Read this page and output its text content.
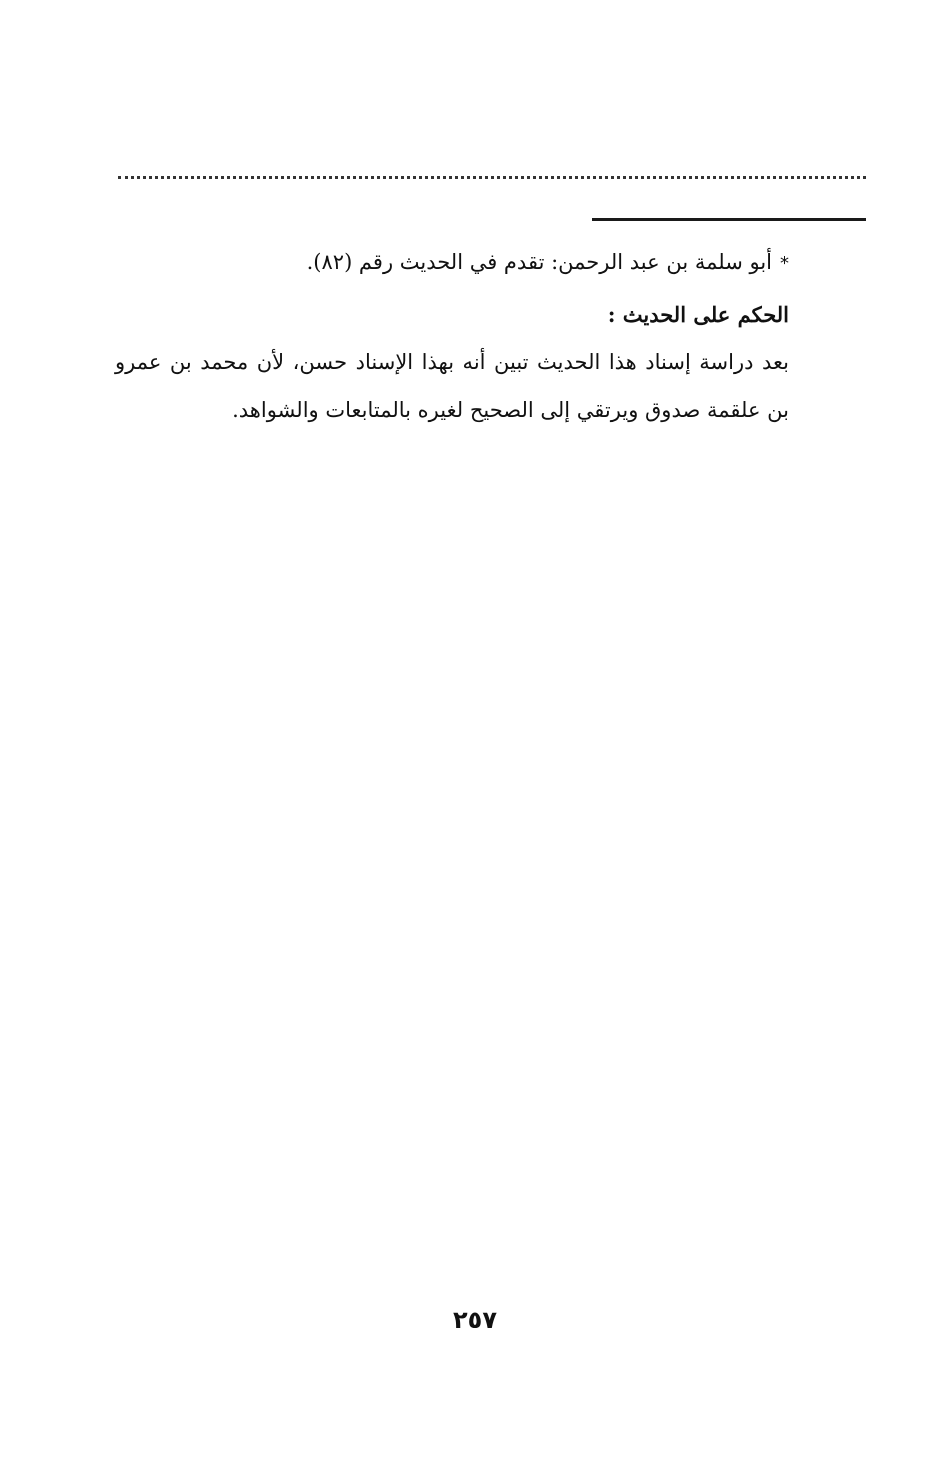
*أبو سلمة بن عبد الرحمن: تقدم في الحديث رقم (٨٢).

الحكم على الحديث :

بعد دراسة إسناد هذا الحديث تبين أنه بهذا الإسناد حسن، لأن محمد بن عمرو بن علقمة صدوق ويرتقي إلى الصحيح لغيره بالمتابعات والشواهد.

٢٥٧
